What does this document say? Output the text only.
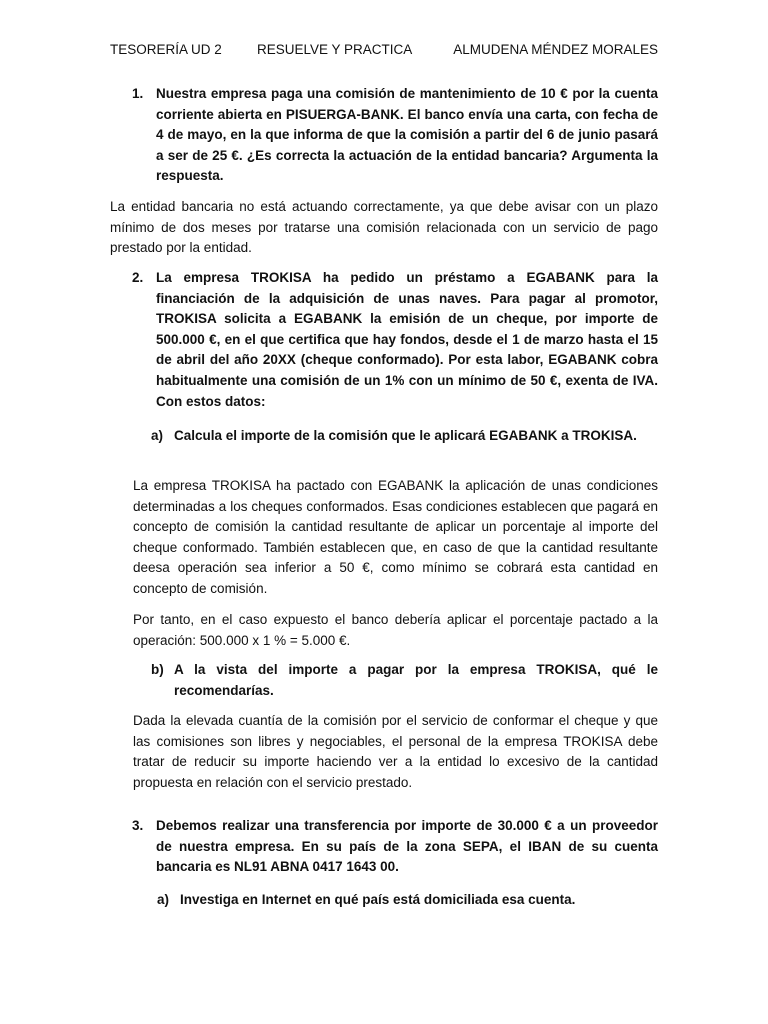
TESORERÍA UD 2	RESUELVE Y PRACTICA	ALMUDENA MÉNDEZ MORALES
1. Nuestra empresa paga una comisión de mantenimiento de 10 € por la cuenta corriente abierta en PISUERGA-BANK. El banco envía una carta, con fecha de 4 de mayo, en la que informa de que la comisión a partir del 6 de junio pasará a ser de 25 €. ¿Es correcta la actuación de la entidad bancaria? Argumenta la respuesta.
La entidad bancaria no está actuando correctamente, ya que debe avisar con un plazo mínimo de dos meses por tratarse una comisión relacionada con un servicio de pago prestado por la entidad.
2. La empresa TROKISA ha pedido un préstamo a EGABANK para la financiación de la adquisición de unas naves. Para pagar al promotor, TROKISA solicita a EGABANK la emisión de un cheque, por importe de 500.000 €, en el que certifica que hay fondos, desde el 1 de marzo hasta el 15 de abril del año 20XX (cheque conformado). Por esta labor, EGABANK cobra habitualmente una comisión de un 1% con un mínimo de 50 €, exenta de IVA. Con estos datos:
a) Calcula el importe de la comisión que le aplicará EGABANK a TROKISA.
La empresa TROKISA ha pactado con EGABANK la aplicación de unas condiciones determinadas a los cheques conformados. Esas condiciones establecen que pagará en concepto de comisión la cantidad resultante de aplicar un porcentaje al importe del cheque conformado. También establecen que, en caso de que la cantidad resultante deesa operación sea inferior a 50 €, como mínimo se cobrará esta cantidad en concepto de comisión.
Por tanto, en el caso expuesto el banco debería aplicar el porcentaje pactado a la operación: 500.000 x 1 % = 5.000 €.
b) A la vista del importe a pagar por la empresa TROKISA, qué le recomendarías.
Dada la elevada cuantía de la comisión por el servicio de conformar el cheque y que las comisiones son libres y negociables, el personal de la empresa TROKISA debe tratar de reducir su importe haciendo ver a la entidad lo excesivo de la cantidad propuesta en relación con el servicio prestado.
3. Debemos realizar una transferencia por importe de 30.000 € a un proveedor de nuestra empresa. En su país de la zona SEPA, el IBAN de su cuenta bancaria es NL91 ABNA 0417 1643 00.
a) Investiga en Internet en qué país está domiciliada esa cuenta.
